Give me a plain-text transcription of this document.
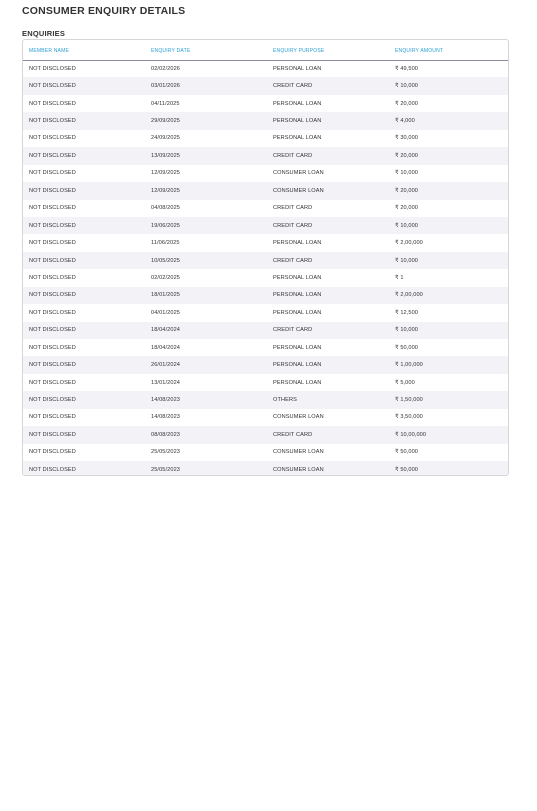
CONSUMER ENQUIRY DETAILS
ENQUIRIES
MEMBER NAME	ENQUIRY DATE	ENQUIRY PURPOSE	ENQUIRY AMOUNT
NOT DISCLOSED	02/02/2026	PERSONAL LOAN	₹ 49,500
NOT DISCLOSED	03/01/2026	CREDIT CARD	₹ 10,000
NOT DISCLOSED	04/11/2025	PERSONAL LOAN	₹ 20,000
NOT DISCLOSED	29/09/2025	PERSONAL LOAN	₹ 4,000
NOT DISCLOSED	24/09/2025	PERSONAL LOAN	₹ 30,000
NOT DISCLOSED	13/09/2025	CREDIT CARD	₹ 20,000
NOT DISCLOSED	12/09/2025	CONSUMER LOAN	₹ 10,000
NOT DISCLOSED	12/09/2025	CONSUMER LOAN	₹ 20,000
NOT DISCLOSED	04/08/2025	CREDIT CARD	₹ 20,000
NOT DISCLOSED	19/06/2025	CREDIT CARD	₹ 10,000
NOT DISCLOSED	11/06/2025	PERSONAL LOAN	₹ 2,00,000
NOT DISCLOSED	10/05/2025	CREDIT CARD	₹ 10,000
NOT DISCLOSED	02/02/2025	PERSONAL LOAN	₹ 1
NOT DISCLOSED	18/01/2025	PERSONAL LOAN	₹ 2,00,000
NOT DISCLOSED	04/01/2025	PERSONAL LOAN	₹ 12,500
NOT DISCLOSED	18/04/2024	CREDIT CARD	₹ 10,000
NOT DISCLOSED	18/04/2024	PERSONAL LOAN	₹ 50,000
NOT DISCLOSED	26/01/2024	PERSONAL LOAN	₹ 1,00,000
NOT DISCLOSED	13/01/2024	PERSONAL LOAN	₹ 5,000
NOT DISCLOSED	14/08/2023	OTHERS	₹ 1,50,000
NOT DISCLOSED	14/08/2023	CONSUMER LOAN	₹ 3,50,000
NOT DISCLOSED	08/08/2023	CREDIT CARD	₹ 10,00,000
NOT DISCLOSED	25/05/2023	CONSUMER LOAN	₹ 50,000
NOT DISCLOSED	25/05/2023	CONSUMER LOAN	₹ 50,000
